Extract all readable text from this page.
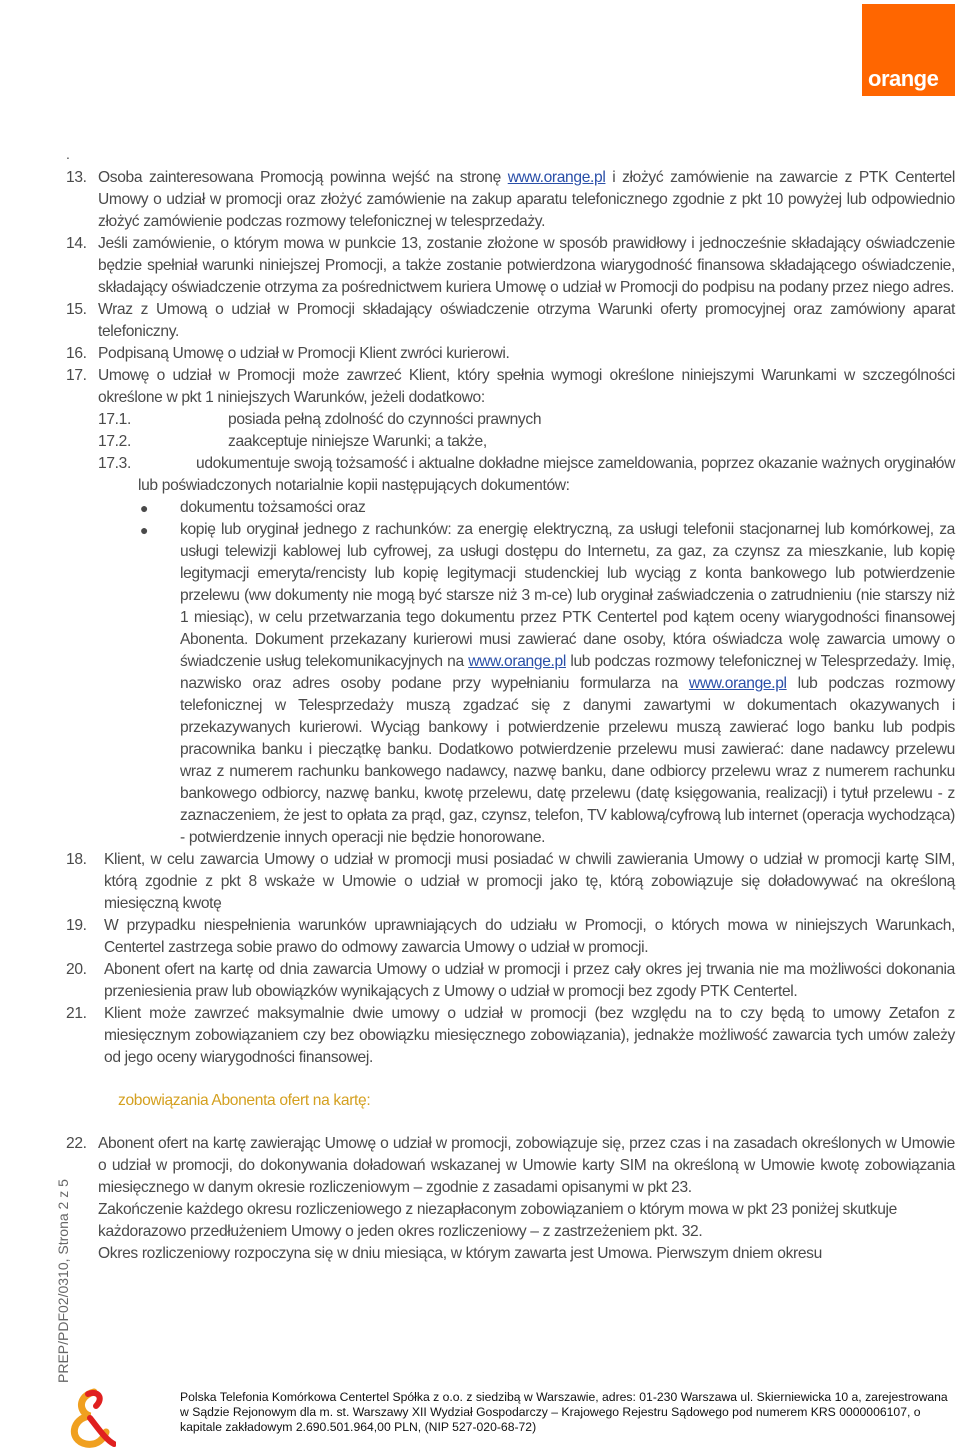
orange
PREP/PDF02/0310, Strona 2 z 5
.
13. Osoba zainteresowana Promocją powinna wejść na stronę www.orange.pl i złożyć zamówienie na zawarcie z PTK Centertel Umowy o udział w promocji oraz złożyć zamówienie na zakup aparatu telefonicznego zgodnie z pkt 10 powyżej lub odpowiednio złożyć zamówienie podczas rozmowy telefonicznej w telesprzedaży.
14. Jeśli zamówienie, o którym mowa w punkcie 13, zostanie złożone w sposób prawidłowy i jednocześnie składający oświadczenie będzie spełniał warunki niniejszej Promocji, a także zostanie potwierdzona wiarygodność finansowa składającego oświadczenie, składający oświadczenie otrzyma za pośrednictwem kuriera Umowę o udział w Promocji do podpisu na podany przez niego adres.
15. Wraz z Umową o udział w Promocji składający oświadczenie otrzyma Warunki oferty promocyjnej oraz zamówiony aparat telefoniczny.
16. Podpisaną Umowę o udział w Promocji Klient zwróci kurierowi.
17. Umowę o udział w Promocji może zawrzeć Klient, który spełnia wymogi określone niniejszymi Warunkami w szczególności określone w pkt 1 niniejszych Warunków, jeżeli dodatkowo:
17.1.	posiada pełną zdolność do czynności prawnych
17.2.	zaakceptuje niniejsze Warunki; a także,
17.3.	udokumentuje swoją tożsamość i aktualne dokładne miejsce zameldowania, poprzez okazanie ważnych oryginałów lub poświadczonych notarialnie kopii następujących dokumentów:
● dokumentu tożsamości oraz
● kopię lub oryginał jednego z rachunków: za energię elektryczną, za usługi telefonii stacjonarnej lub komórkowej, za usługi telewizji kablowej lub cyfrowej, za usługi dostępu do Internetu, za gaz, za czynsz za mieszkanie, lub kopię legitymacji emeryta/rencisty lub kopię legitymacji studenckiej lub wyciąg z konta bankowego lub potwierdzenie przelewu (ww dokumenty nie mogą być starsze niż 3 m-ce) lub oryginał zaświadczenia o zatrudnieniu (nie starszy niż 1 miesiąc), w celu przetwarzania tego dokumentu przez PTK Centertel pod kątem oceny wiarygodności finansowej Abonenta. Dokument przekazany kurierowi musi zawierać dane osoby, która oświadcza wolę zawarcia umowy o świadczenie usług telekomunikacyjnych na www.orange.pl lub podczas rozmowy telefonicznej w Telesprzedaży. Imię, nazwisko oraz adres osoby podane przy wypełnianiu formularza na www.orange.pl lub podczas rozmowy telefonicznej w Telesprzedaży muszą zgadzać się z danymi zawartymi w dokumentach okazywanych i przekazywanych kurierowi. Wyciąg bankowy i potwierdzenie przelewu muszą zawierać logo banku lub podpis pracownika banku i pieczątkę banku. Dodatkowo potwierdzenie przelewu musi zawierać: dane nadawcy przelewu wraz z numerem rachunku bankowego nadawcy, nazwę banku, dane odbiorcy przelewu wraz z numerem rachunku bankowego odbiorcy, nazwę banku, kwotę przelewu, datę przelewu (datę księgowania, realizacji) i tytuł przelewu - z zaznaczeniem, że jest to opłata za prąd, gaz, czynsz, telefon, TV kablową/cyfrową lub internet (operacja wychodząca) - potwierdzenie innych operacji nie będzie honorowane.
18. Klient, w celu zawarcia Umowy o udział w promocji musi posiadać w chwili zawierania Umowy o udział w promocji kartę SIM, którą zgodnie z pkt 8 wskaże w Umowie o udział w promocji jako tę, którą zobowiązuje się doładowywać na określoną miesięczną kwotę
19. W przypadku niespełnienia warunków uprawniających do udziału w Promocji, o których mowa w niniejszych Warunkach, Centertel zastrzega sobie prawo do odmowy zawarcia Umowy o udział w promocji.
20. Abonent ofert na kartę od dnia zawarcia Umowy o udział w promocji i przez cały okres jej trwania nie ma możliwości dokonania przeniesienia praw lub obowiązków wynikających z Umowy o udział w promocji bez zgody PTK Centertel.
21. Klient może zawrzeć maksymalnie dwie umowy o udział w promocji (bez względu na to czy będą to umowy Zetafon z miesięcznym zobowiązaniem czy bez obowiązku miesięcznego zobowiązania), jednakże możliwość zawarcia tych umów zależy od jego oceny wiarygodności finansowej.
zobowiązania Abonenta ofert na kartę:
22. Abonent ofert na kartę zawierając Umowę o udział w promocji, zobowiązuje się, przez czas i na zasadach określonych w Umowie o udział w promocji, do dokonywania doładowań wskazanej w Umowie karty SIM na określoną w Umowie kwotę zobowiązania miesięcznego w danym okresie rozliczeniowym – zgodnie z zasadami opisanymi w pkt 23.
Zakończenie każdego okresu rozliczeniowego z niezapłaconym zobowiązaniem o którym mowa w pkt 23 poniżej skutkuje każdorazowo przedłużeniem Umowy o jeden okres rozliczeniowy – z zastrzeżeniem pkt. 32.
Okres rozliczeniowy rozpoczyna się w dniu miesiąca, w którym zawarta jest Umowa. Pierwszym dniem okresu
Polska Telefonia Komórkowa Centertel Spółka z o.o. z siedzibą w Warszawie, adres: 01-230 Warszawa ul. Skierniewicka 10 a, zarejestrowana w Sądzie Rejonowym dla m. st. Warszawy XII Wydział Gospodarczy – Krajowego Rejestru Sądowego pod numerem KRS 0000006107, o kapitale zakładowym 2.690.501.964,00 PLN, (NIP 527-020-68-72)
